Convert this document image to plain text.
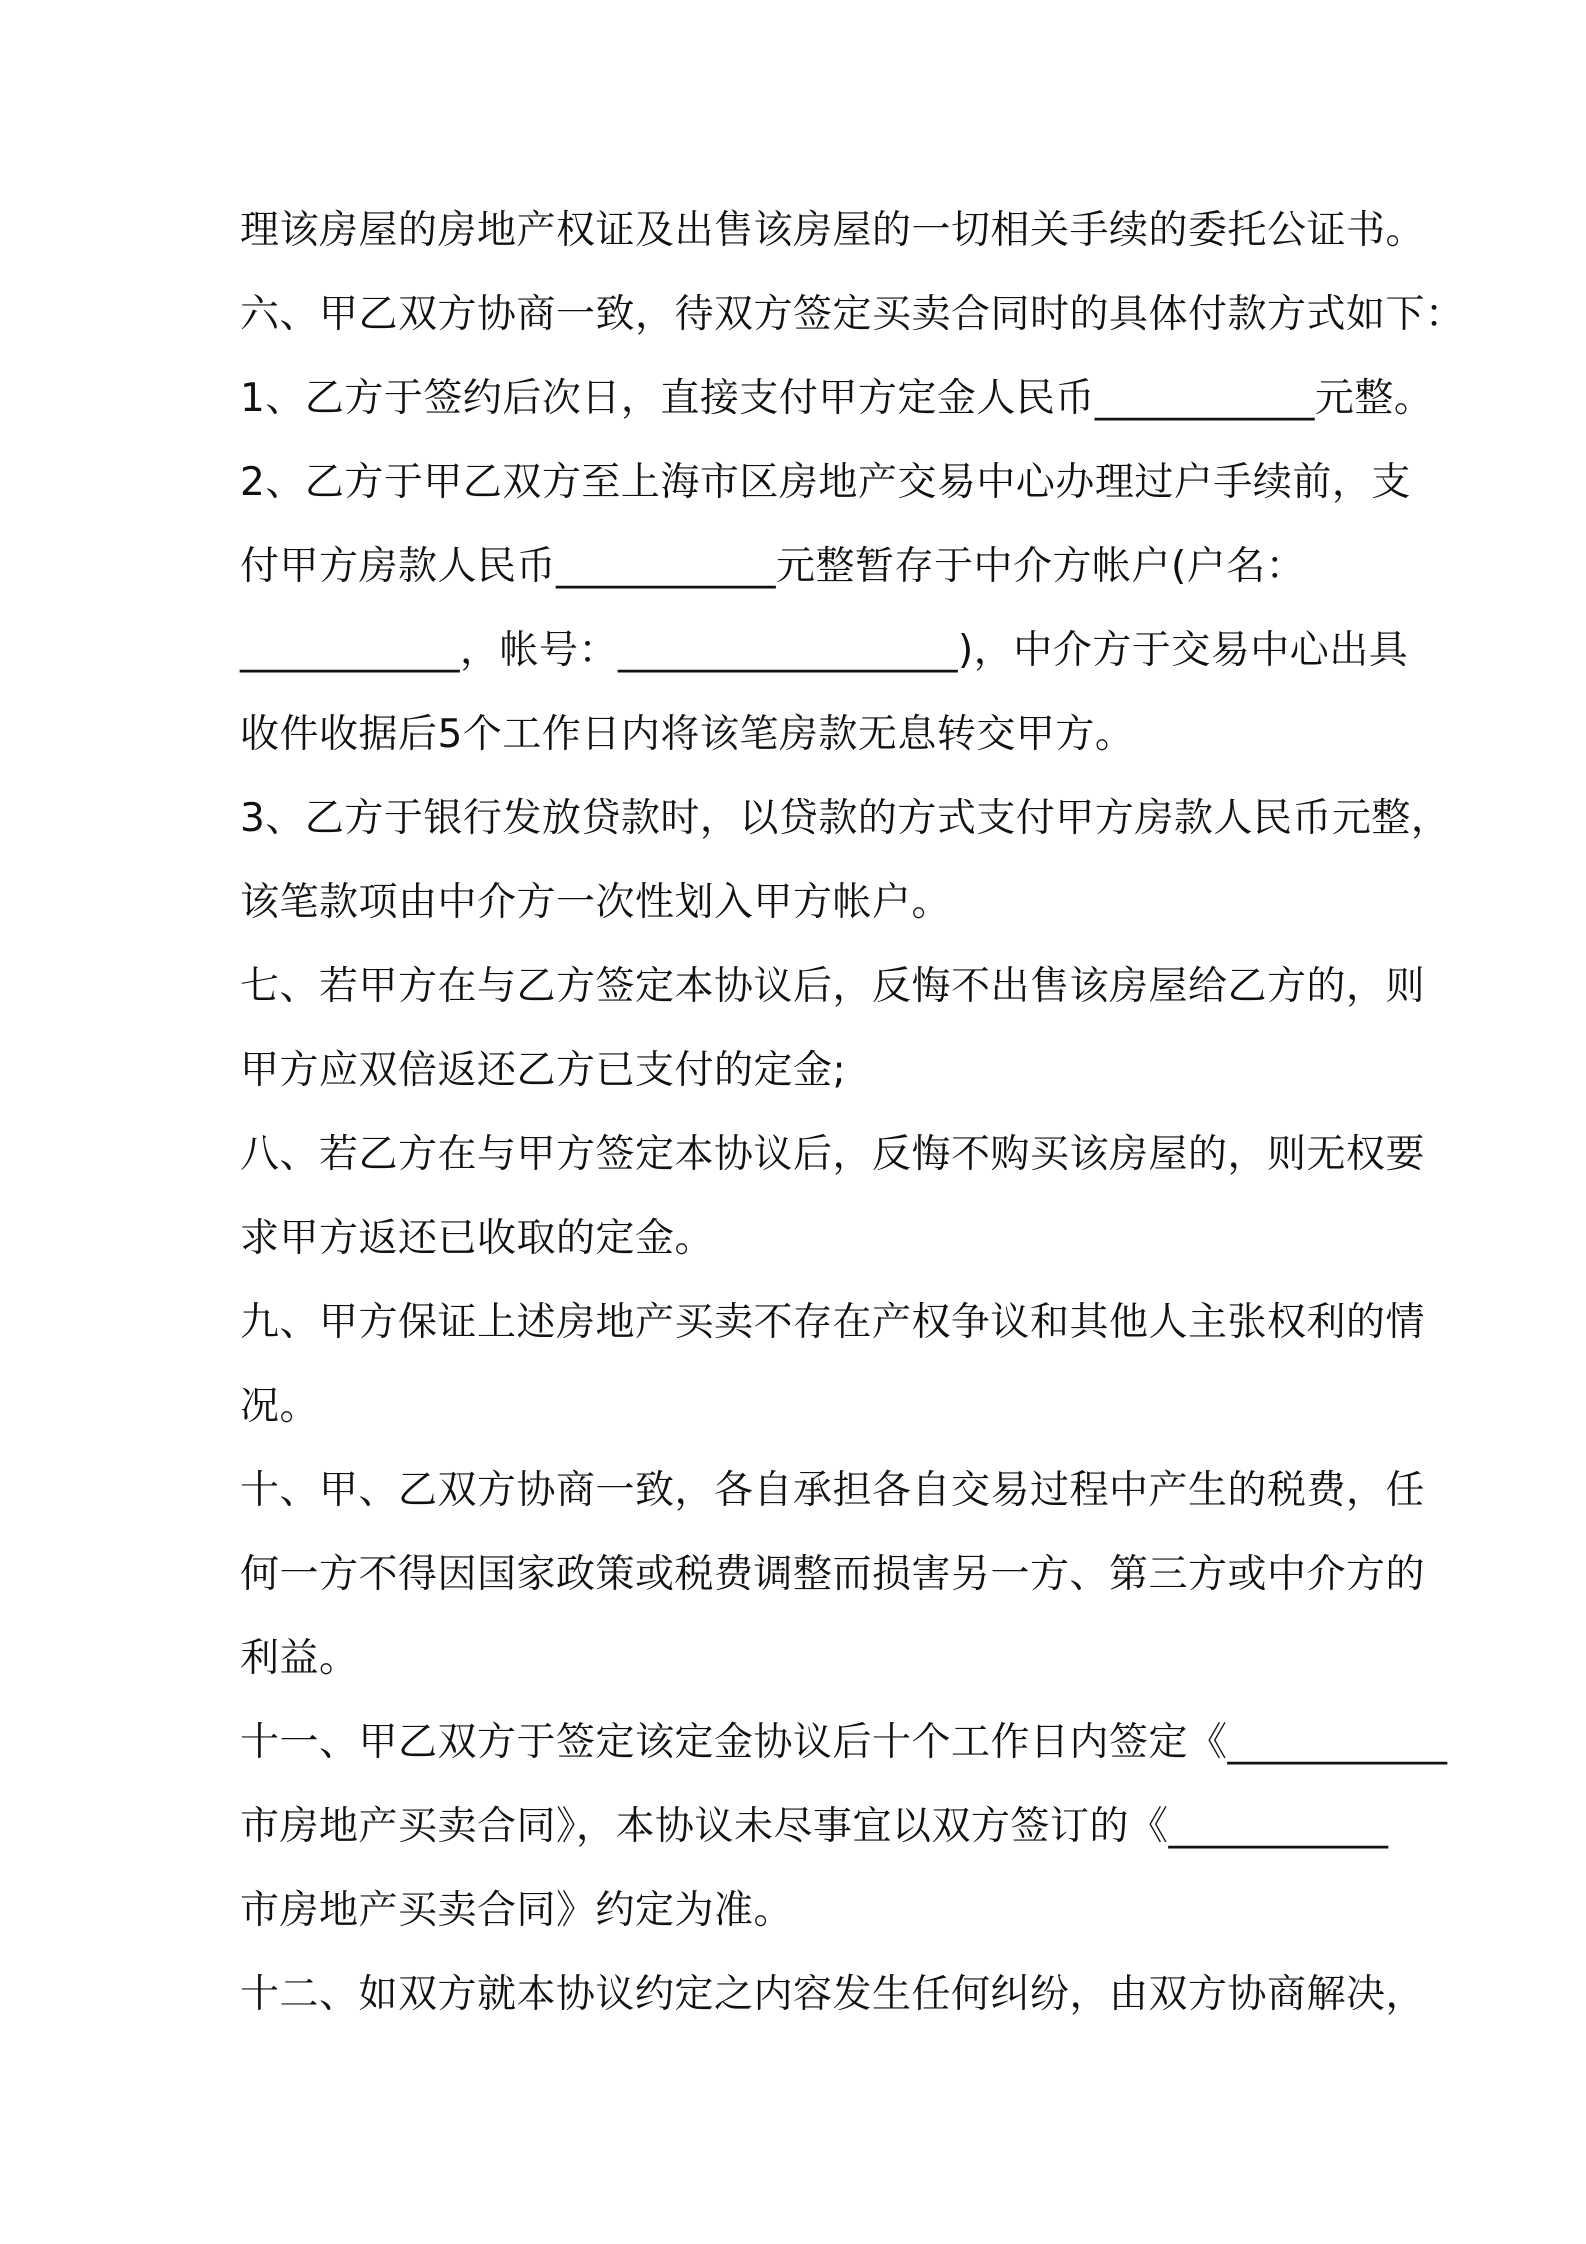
理该房屋的房地产权证及出售该房屋的一切相关手续的委托公证书。
六、甲乙双方协商一致，待双方签定买卖合同时的具体付款方式如下：
1、乙方于签约后次日，直接支付甲方定金人民币___________元整。
2、乙方于甲乙双方至上海市区房地产交易中心办理过户手续前，支
付甲方房款人民币___________元整暂存于中介方帐户(户名：
___________，帐号：_________________)，中介方于交易中心出具
收件收据后5个工作日内将该笔房款无息转交甲方。
3、乙方于银行发放贷款时，以贷款的方式支付甲方房款人民币元整，
该笔款项由中介方一次性划入甲方帐户。
七、若甲方在与乙方签定本协议后，反悔不出售该房屋给乙方的，则
甲方应双倍返还乙方已支付的定金;
八、若乙方在与甲方签定本协议后，反悔不购买该房屋的，则无权要
求甲方返还已收取的定金。
九、甲方保证上述房地产买卖不存在产权争议和其他人主张权利的情
况。
十、甲、乙双方协商一致，各自承担各自交易过程中产生的税费，任
何一方不得因国家政策或税费调整而损害另一方、第三方或中介方的
利益。
十一、甲乙双方于签定该定金协议后十个工作日内签定《___________
市房地产买卖合同》，本协议未尽事宜以双方签订的《___________
市房地产买卖合同》约定为准。
十二、如双方就本协议约定之内容发生任何纠纷，由双方协商解决，
